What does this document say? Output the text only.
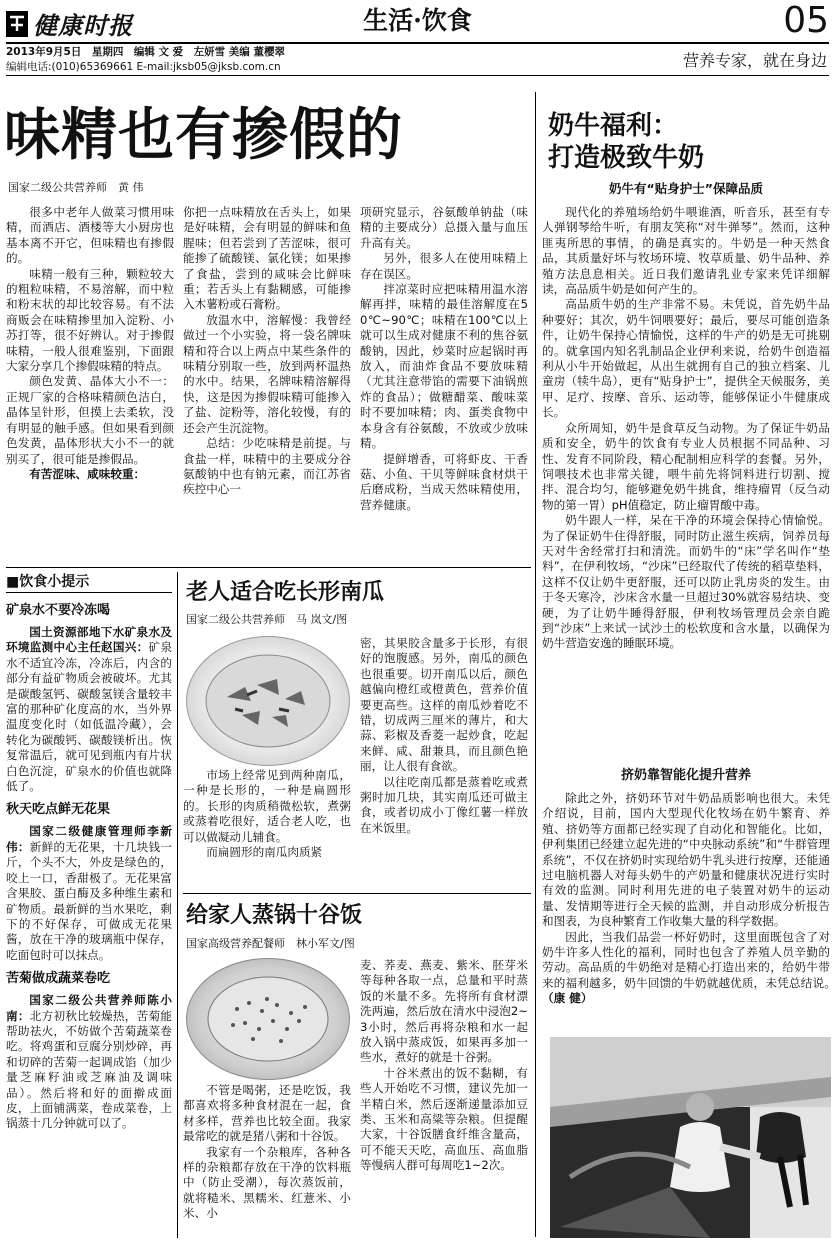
健康时报	生活·饮食	05
2013年9月5日　星期四　编辑 文 爱　左妍雪 美编 董樱翠
编辑电话:(010)65369661 E-mail:jksb05@jksb.com.cn	营养专家，就在身边
味精也有掺假的
国家二级公共营养师　黄 伟

很多中老年人做菜习惯用味精，而酒店、酒楼等大小厨房也基本离不开它，但味精也有掺假的。

味精一般有三种，颗粒较大的粗粒味精，不易溶解，而中粒和粉末状的却比较容易。有不法商贩会在味精掺里加入淀粉、小苏打等，很不好辨认。对于掺假味精，一般人很难鉴别，下面跟大家分享几个掺假味精的特点。

颜色发黄、晶体大小不一：正规厂家的合格味精颜色洁白，晶体呈针形，但摸上去柔软，没有明显的触手感。但如果看到颜色发黄，晶体形状大小不一的就别买了，很可能是掺假品。

有苦涩味、咸味较重：

你把一点味精放在舌头上，如果是好味精，会有明显的鲜味和鱼腥味；但若尝到了苦涩味，很可能掺了硫酸镁、氯化镁；如果掺了食盐，尝到的咸味会比鲜味重；若舌头上有黏糊感，可能掺入木薯粉或石膏粉。

放温水中，溶解慢：我曾经做过一个小实验，将一袋名牌味精和符合以上两点中某些条件的味精分别取一些，放到两杯温热的水中。结果，名牌味精溶解得快，这是因为掺假味精可能掺入了盐、淀粉等，溶化较慢，有的还会产生沉淀物。

总结：少吃味精是前提。与食盐一样，味精中的主要成分谷氨酸钠中也有钠元素，而江苏省疾控中心一

项研究显示，谷氨酸单钠盐（味精的主要成分）总摄入量与血压升高有关。

另外，很多人在使用味精上存在误区。

拌凉菜时应把味精用温水溶解再拌，味精的最佳溶解度在50℃~90℃；味精在100℃以上就可以生成对健康不利的焦谷氨酸钠，因此，炒菜时应起锅时再放入，而油炸食品不要放味精（尤其注意带馅的需要下油锅煎炸的食品）；做糖醋菜、酸味菜时不要加味精；肉、蛋类食物中本身含有谷氨酸，不放或少放味精。

提鲜增香，可将虾皮、干香菇、小鱼、干贝等鲜味食材烘干后磨成粉，当成天然味精使用，营养健康。

■饮食小提示
矿泉水不要冷冻喝

国土资源部地下水矿泉水及环境监测中心主任赵国兴：矿泉水不适宜冷冻，冷冻后，内含的部分有益矿物质会被破坏。尤其是碳酸氢钙、碳酸氢镁含量较丰富的那种矿化度高的水，当外界温度变化时（如低温冷藏），会转化为碳酸钙、碳酸镁析出。恢复常温后，就可见到瓶内有片状白色沉淀，矿泉水的价值也就降低了。

秋天吃点鲜无花果

国家二级健康管理师李新伟：新鲜的无花果，十几块钱一斤，个头不大，外皮是绿色的，咬上一口，香甜极了。无花果富含果胶、蛋白酶及多种维生素和矿物质。最新鲜的当水果吃，剩下的不好保存，可做成无花果酱，放在干净的玻璃瓶中保存，吃面包时可以抹点。

苦菊做成蔬菜卷吃

国家二级公共营养师陈小南：北方初秋比较燥热，苦菊能帮助祛火，不妨做个苦菊蔬菜卷吃。将鸡蛋和豆腐分别炒碎，再和切碎的苦菊一起调成馅（加少量芝麻籽油或芝麻油及调味品）。然后将和好的面擀成面皮，上面铺满菜，卷成菜卷，上锅蒸十几分钟就可以了。

老人适合吃长形南瓜
国家二级公共营养师　马 岚文/图

市场上经常见到两种南瓜，一种是长形的，一种是扁圆形的。长形的肉质稍微松软，煮粥或蒸着吃很好，适合老人吃，也可以做凝动儿辅食。

而扁圆形的南瓜肉质紧

密，其果胶含量多于长形，有很好的饱腹感。另外，南瓜的颜色也很重要。切开南瓜以后，颜色越偏向橙红或橙黄色，营养价值要更高些。这样的南瓜炒着吃不错，切成两三厘米的薄片，和大蒜、彩椒及香菱一起炒食，吃起来鲜、咸、甜兼具，而且颜色艳丽，让人很有食欲。

以往吃南瓜都是蒸着吃或煮粥时加几块，其实南瓜还可做主食，或者切成小丁像红薯一样放在米饭里。

给家人蒸锅十谷饭
国家高级营养配餐师　林小军文/图

不管是喝粥，还是吃饭，我都喜欢将多种食材混在一起，食材多样，营养也比较全面。我家最常吃的就是猪八粥和十谷饭。

我家有一个杂粮库，各种各样的杂粮都存放在干净的饮料瓶中（防止受潮），每次蒸饭前，就将糙米、黑糯米、红薏米、小米、小

麦、荞麦、燕麦、紫米、胚芽米等每种各取一点，总量和平时蒸饭的米量不多。先将所有食材漂洗两遍，然后放在清水中浸泡2~3小时，然后再将杂粮和水一起放入锅中蒸成饭，如果再多加一些水，煮好的就是十谷粥。

十谷米煮出的饭不黏糊，有些人开始吃不习惯，建议先加一半精白米，然后逐渐递量添加豆类、玉米和高粱等杂粮。但提醒大家，十谷饭膳食纤维含量高，可不能天天吃，高血压、高血脂等慢病人群可每周吃1~2次。

奶牛福利：
打造极致牛奶
奶牛有“贴身护士”保障品质

现代化的养殖场给奶牛喂谁酒，听音乐，甚至有专人弹钢琴给牛听，有朋友笑称“对牛弹琴”。然而，这种匪夷所思的事情，的确是真实的。牛奶是一种天然食品，其质量好坏与牧场环境、牧草质量、奶牛品种、养殖方法息息相关。近日我们邀请乳业专家来凭详细解读，高品质牛奶是如何产生的。

高品质牛奶的生产非常不易。未凭说，首先奶牛品种要好；其次，奶牛饲喂要好；最后，要尽可能创造条件，让奶牛保持心情愉悦，这样的牛产的奶是无可挑剔的。就拿国内知名乳制品企业伊利来说，给奶牛创造福利从小牛开始做起，从出生就拥有自己的独立档案、儿童房（犊牛岛），更有“贴身护士”，提供全天候服务，美甲、足疗、按摩、音乐、运动等，能够保证小牛健康成长。

众所周知，奶牛是食草反刍动物。为了保证牛奶品质和安全，奶牛的饮食有专业人员根据不同品种、习性、发育不同阶段，精心配制相应科学的套餐。另外，饲喂技术也非常关键，喂牛前先将饲料进行切割、搅拌、混合均匀，能够避免奶牛挑食，维持瘤胃（反刍动物的第一胃）pH值稳定，防止瘤胃酸中毒。

奶牛跟人一样，呆在干净的环境会保持心情愉悦。为了保证奶牛住得舒服，同时防止滋生疾病，饲养员每天对牛舍经常打扫和清洗。而奶牛的“床”学名叫作“垫料”，在伊利牧场，“沙床”已经取代了传统的稻草垫料，这样不仅让奶牛更舒服，还可以防止乳房炎的发生。由于冬天寒冷，沙床含水量一旦超过30%就容易结块、变硬，为了让奶牛睡得舒服，伊利牧场管理员会亲自跪到“沙床”上来试一试沙土的松软度和含水量，以确保为奶牛营造安逸的睡眠环境。

挤奶靠智能化提升营养

除此之外，挤奶环节对牛奶品质影响也很大。未凭介绍说，目前，国内大型现代化牧场在奶牛繁育、养殖、挤奶等方面都已经实现了自动化和智能化。比如，伊利集团已经建立起先进的“中央脉动系统”和“牛群管理系统”，不仅在挤奶时实现给奶牛乳头进行按摩，还能通过电脑机器人对每头奶牛的产奶量和健康状况进行实时有效的监测。同时利用先进的电子装置对奶牛的运动量、发情期等进行全天候的监测，并自动形成分析报告和图表，为良种繁育工作收集大量的科学数据。

因此，当我们品尝一杯好奶时，这里面既包含了对奶牛许多人性化的福利，同时也包含了养殖人员辛勤的劳动。高品质的牛奶绝对是精心打造出来的，给奶牛带来的福利越多，奶牛回馈的牛奶就越优质，未凭总结说。　　（康 健）
